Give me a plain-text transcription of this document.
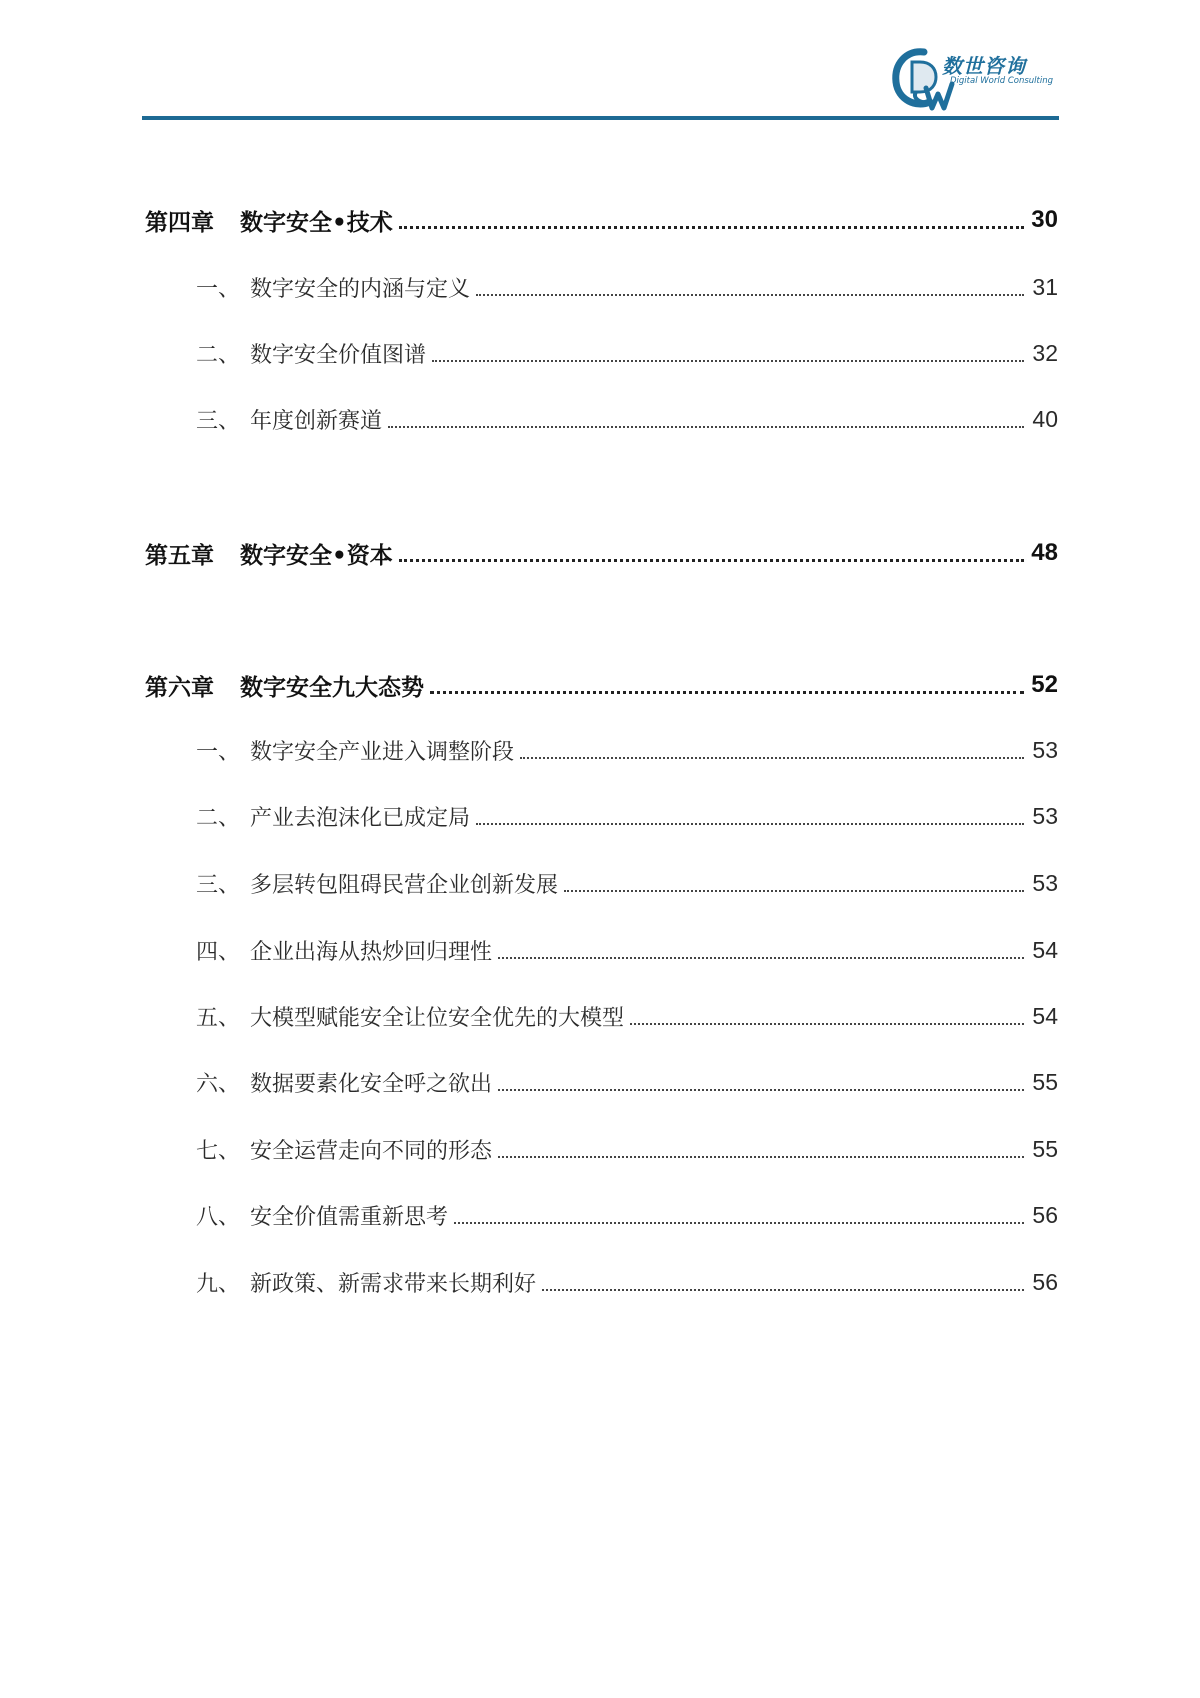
数世咨询
Digital World Consulting
第四章 数字安全•技术	30
一、 数字安全的内涵与定义	31
二、 数字安全价值图谱	32
三、 年度创新赛道	40
第五章 数字安全•资本	48
第六章 数字安全九大态势	52
一、 数字安全产业进入调整阶段	53
二、 产业去泡沫化已成定局	53
三、 多层转包阻碍民营企业创新发展	53
四、 企业出海从热炒回归理性	54
五、 大模型赋能安全让位安全优先的大模型	54
六、 数据要素化安全呼之欲出	55
七、 安全运营走向不同的形态	55
八、 安全价值需重新思考	56
九、 新政策、新需求带来长期利好	56
